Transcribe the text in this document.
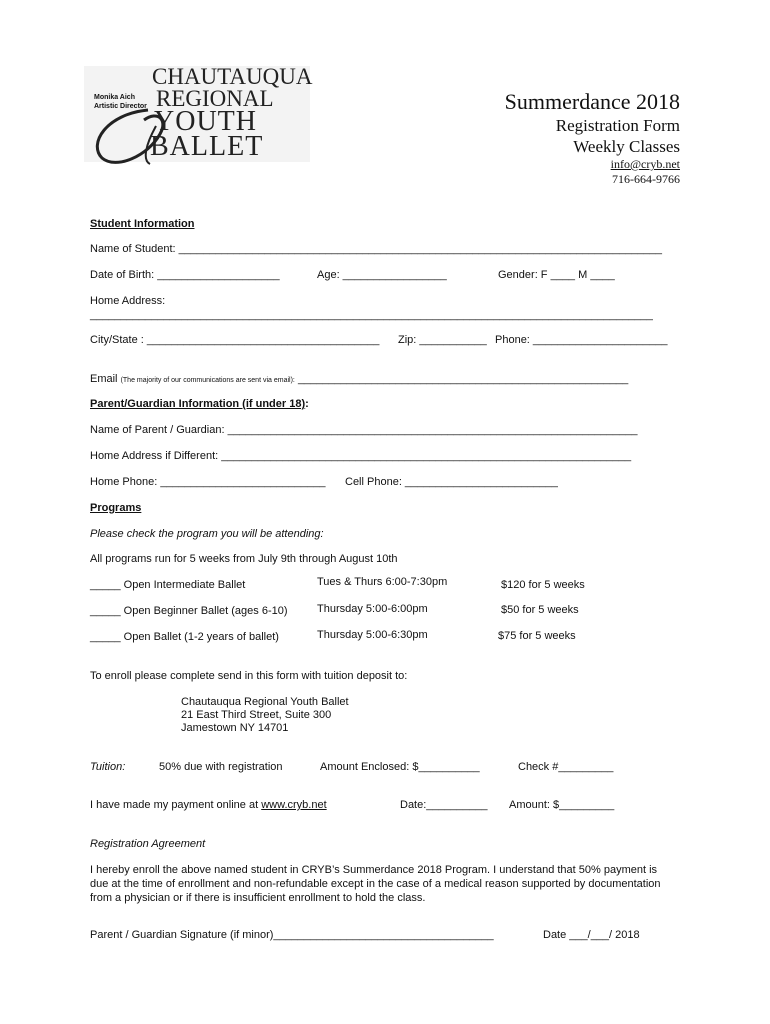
Monika Aich
Artistic Director
CHAUTAUQUA
REGIONAL
YOUTH
BALLET
Summerdance 2018
Registration Form
Weekly Classes
info@cryb.net
716-664-9766
Student Information
Name of Student: _______________________________________________________________________________
Date of Birth: ____________________	Age: _________________	Gender: F ____ M ____
Home Address:
____________________________________________________________________________________________
City/State : ______________________________________ Zip: ___________ Phone: ______________________
Email (The majority of our communications are sent via email): ______________________________________________________
Parent/Guardian Information (if under 18):
Name of Parent / Guardian: ___________________________________________________________________
Home Address if Different: ___________________________________________________________________
Home Phone: ___________________________ Cell Phone: _________________________
Programs
Please check the program you will be attending:
All programs run for 5 weeks from July 9th through August 10th
_____ Open Intermediate Ballet	Tues & Thurs 6:00-7:30pm	$120 for 5 weeks
_____ Open Beginner Ballet (ages 6-10)	Thursday 5:00-6:00pm	$50 for 5 weeks
_____ Open Ballet (1-2 years of ballet)	Thursday 5:00-6:30pm	$75 for 5 weeks
To enroll please complete send in this form with tuition deposit to:
Chautauqua Regional Youth Ballet
21 East Third Street, Suite 300
Jamestown NY 14701
Tuition:	50% due with registration	Amount Enclosed: $__________	Check #_________
I have made my payment online at www.cryb.net	Date:__________ Amount: $_________
Registration Agreement
I hereby enroll the above named student in CRYB’s Summerdance 2018 Program. I understand that 50% payment is
due at the time of enrollment and non-refundable except in the case of a medical reason supported by documentation
from a physician or if there is insufficient enrollment to hold the class.
Parent / Guardian Signature (if minor)____________________________________	Date ___/___/ 2018
